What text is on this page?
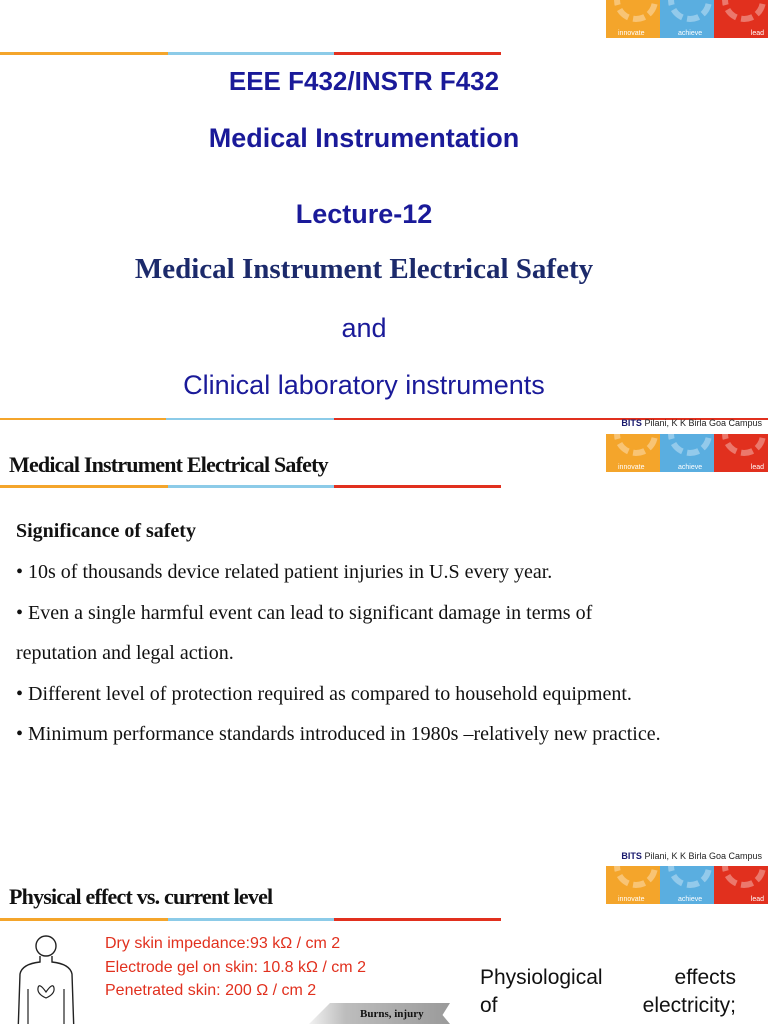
innovate	achieve	lead
EEE F432/INSTR F432
Medical Instrumentation
Lecture-12
Medical Instrument Electrical Safety
and
Clinical laboratory instruments
BITS Pilani, K K Birla Goa Campus
innovate	achieve	lead
Medical Instrument Electrical Safety
Significance of safety
• 10s of thousands device related patient injuries in U.S every year.
• Even a single harmful event can lead to significant damage in terms of
reputation and legal action.
• Different level of protection required as compared to household equipment.
• Minimum performance standards introduced in 1980s –relatively new practice.
BITS Pilani, K K Birla Goa Campus
innovate	achieve	lead
Physical effect vs. current level
Dry skin impedance:93 kΩ / cm 2
Electrode gel on skin: 10.8 kΩ / cm 2
Penetrated skin: 200 Ω / cm 2
Burns, injury
Physiological effects
of electricity;
